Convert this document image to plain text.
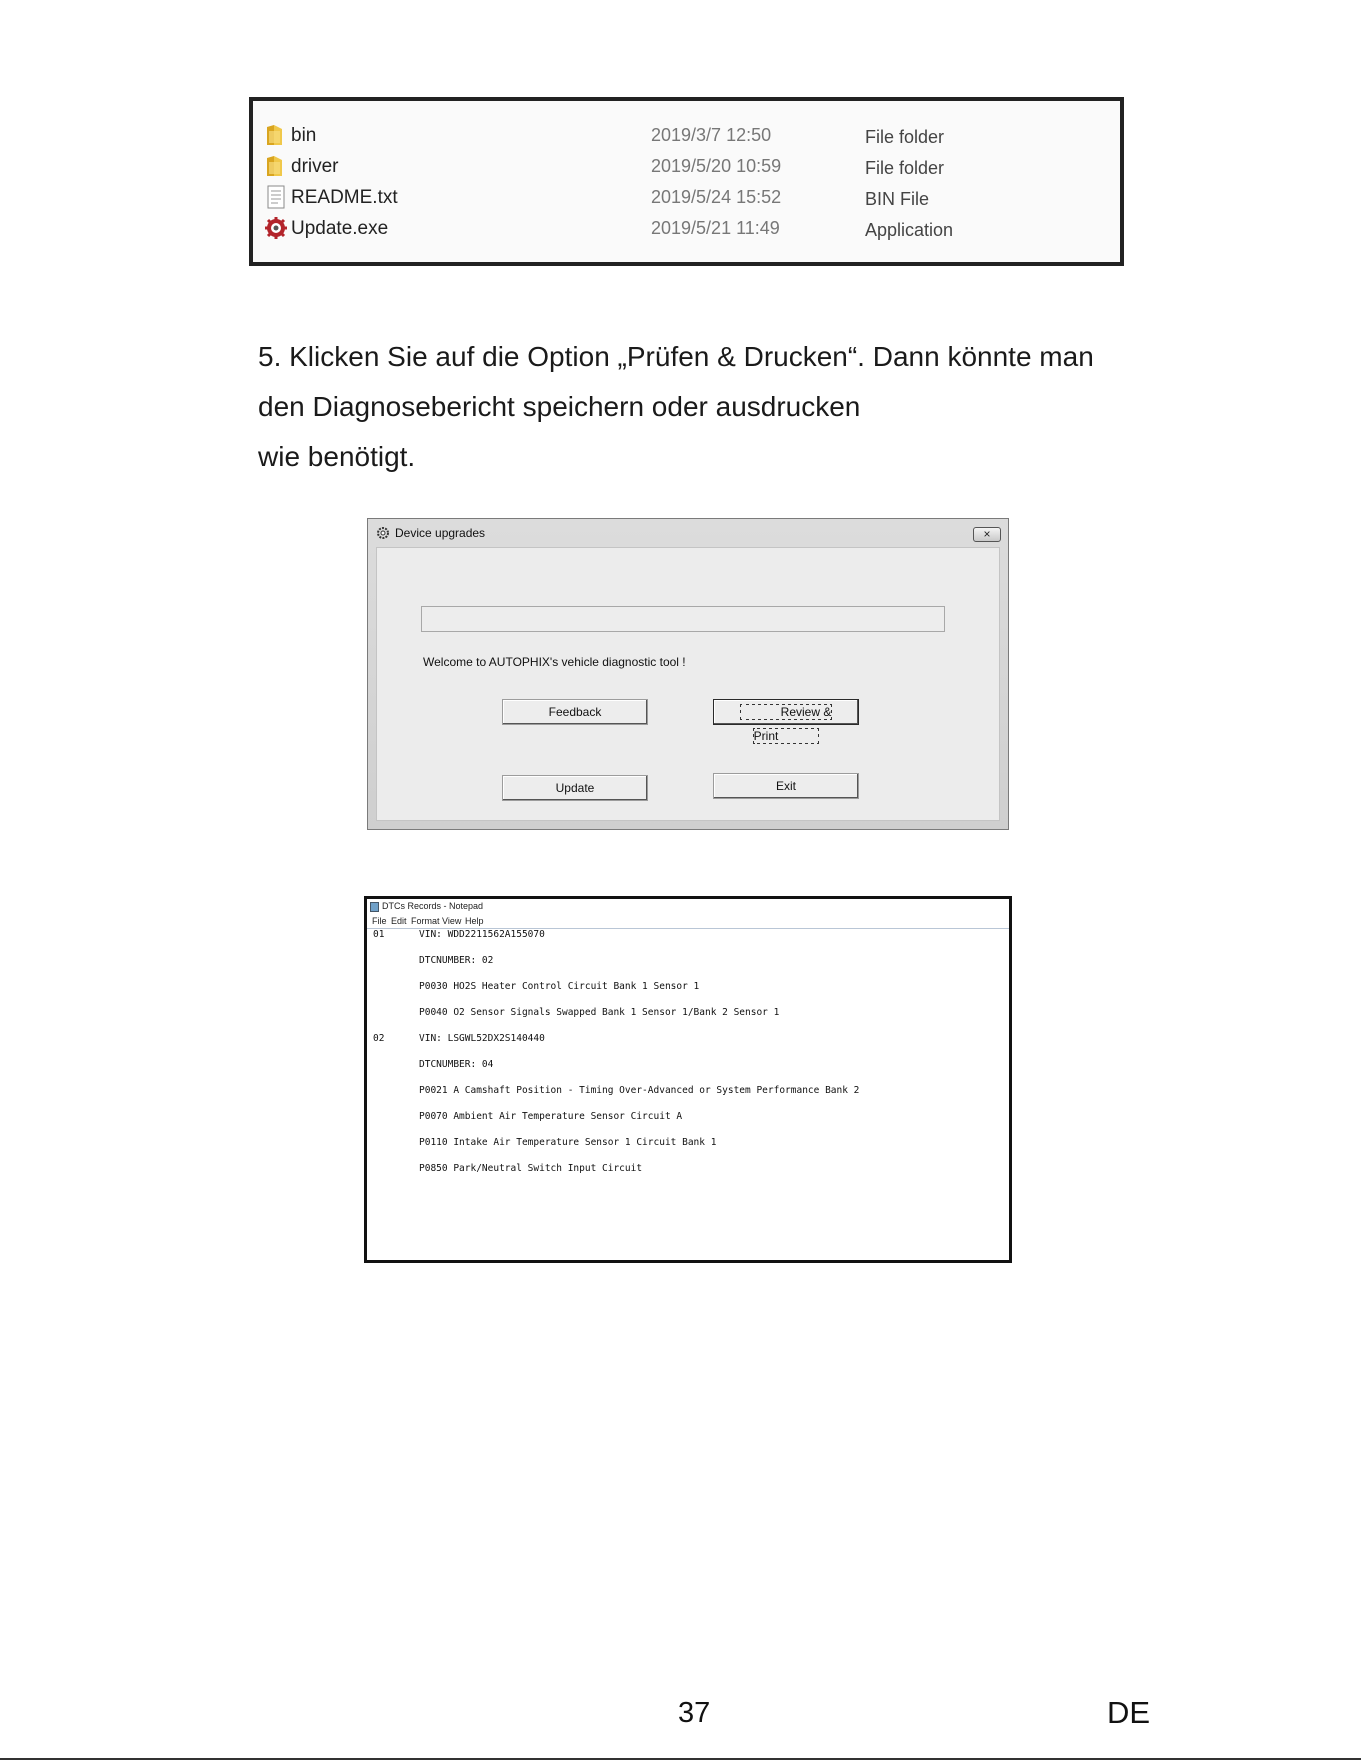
bin	2019/3/7 12:50	File folder
driver	2019/5/20 10:59	File folder
README.txt	2019/5/24 15:52	BIN File
Update.exe	2019/5/21 11:49	Application
5. Klicken Sie auf die Option „Prüfen & Drucken“. Dann könnte man
den Diagnosebericht speichern oder ausdrucken
wie benötigt.
Device upgrades	×
Welcome to AUTOPHIX's vehicle diagnostic tool !
Feedback	Review & Print
Update	Exit
DTCs Records - Notepad
File Edit Format View Help
01	VIN: WDD2211562A155070
DTCNUMBER: 02
P0030 HO2S Heater Control Circuit Bank 1 Sensor 1
P0040 O2 Sensor Signals Swapped Bank 1 Sensor 1/Bank 2 Sensor 1
02	VIN: LSGWL52DX2S140440
DTCNUMBER: 04
P0021 A Camshaft Position - Timing Over-Advanced or System Performance Bank 2
P0070 Ambient Air Temperature Sensor Circuit A
P0110 Intake Air Temperature Sensor 1 Circuit Bank 1
P0850 Park/Neutral Switch Input Circuit
37	DE
